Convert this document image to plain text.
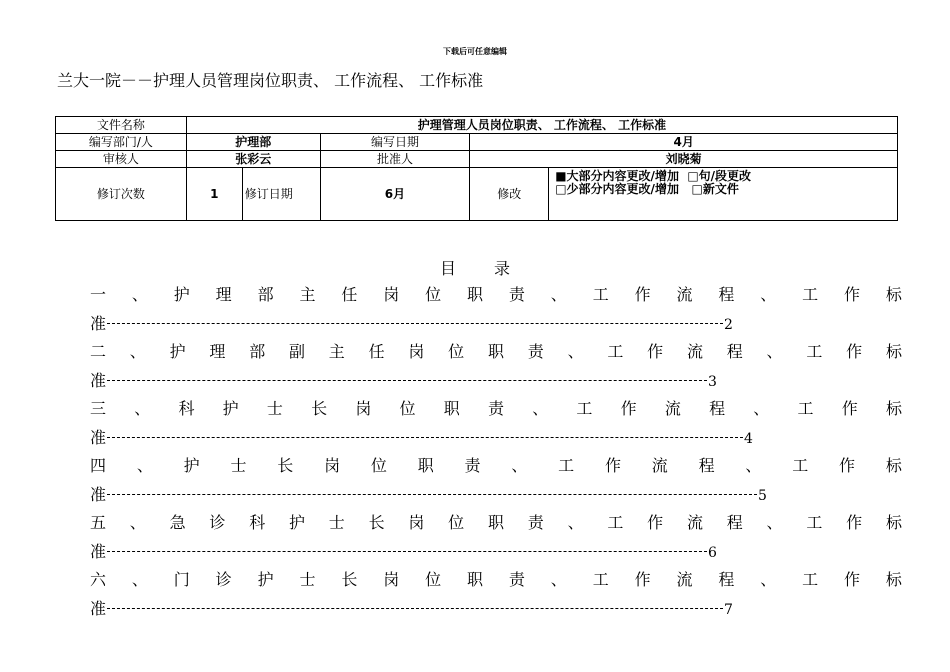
下载后可任意编辑
兰大一院－－护理人员管理岗位职责、 工作流程、 工作标准
文件名称	护理管理人员岗位职责、 工作流程、 工作标准				
编写部门/人	护理部		编写日期	4月	
审核人	张彩云		批准人	刘晓菊	
修订次数	1	修订日期	6月	修改	■大部分内容更改/增加 □句/段更改
□少部分内容更改/增加 □新文件
目录
一 、 护 理 部 主 任 岗 位 职 责 、 工 作 流 程 、 工 作 标
准	2
二 、 护 理 部 副 主 任 岗 位 职 责 、 工 作 流 程 、 工 作 标
准	3
三 、 科 护 士 长 岗 位 职 责 、 工 作 流 程 、 工 作 标
准	4
四 、 护 士 长 岗 位 职 责 、 工 作 流 程 、 工 作 标
准	5
五 、 急 诊 科 护 士 长 岗 位 职 责 、 工 作 流 程 、 工 作 标
准	6
六 、 门 诊 护 士 长 岗 位 职 责 、 工 作 流 程 、 工 作 标
准	7
